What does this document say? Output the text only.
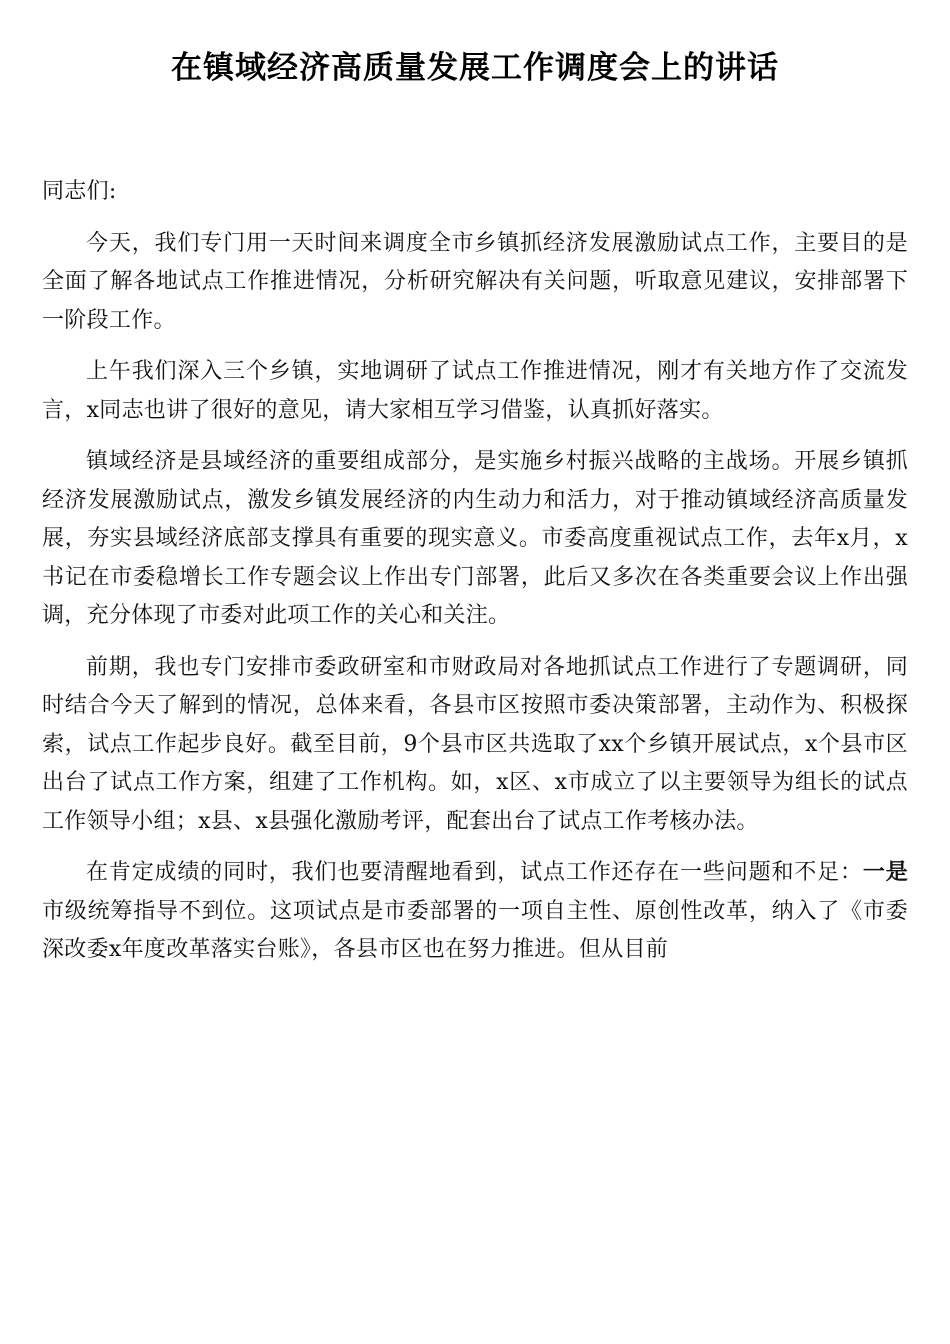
在镇域经济高质量发展工作调度会上的讲话

同志们:

今天，我们专门用一天时间来调度全市乡镇抓经济发展激励试点工作，主要目的是全面了解各地试点工作推进情况，分析研究解决有关问题，听取意见建议，安排部署下一阶段工作。

上午我们深入三个乡镇，实地调研了试点工作推进情况，刚才有关地方作了交流发言，x同志也讲了很好的意见，请大家相互学习借鉴，认真抓好落实。

镇域经济是县域经济的重要组成部分，是实施乡村振兴战略的主战场。开展乡镇抓经济发展激励试点，激发乡镇发展经济的内生动力和活力，对于推动镇域经济高质量发展，夯实县域经济底部支撑具有重要的现实意义。市委高度重视试点工作，去年x月，x书记在市委稳增长工作专题会议上作出专门部署，此后又多次在各类重要会议上作出强调，充分体现了市委对此项工作的关心和关注。

前期，我也专门安排市委政研室和市财政局对各地抓试点工作进行了专题调研，同时结合今天了解到的情况，总体来看，各县市区按照市委决策部署，主动作为、积极探索，试点工作起步良好。截至目前，9个县市区共选取了xx个乡镇开展试点，x个县市区出台了试点工作方案，组建了工作机构。如，x区、x市成立了以主要领导为组长的试点工作领导小组；x县、x县强化激励考评，配套出台了试点工作考核办法。

在肯定成绩的同时，我们也要清醒地看到，试点工作还存在一些问题和不足：一是市级统筹指导不到位。这项试点是市委部署的一项自主性、原创性改革，纳入了《市委深改委x年度改革落实台账》，各县市区也在努力推进。但从目前
